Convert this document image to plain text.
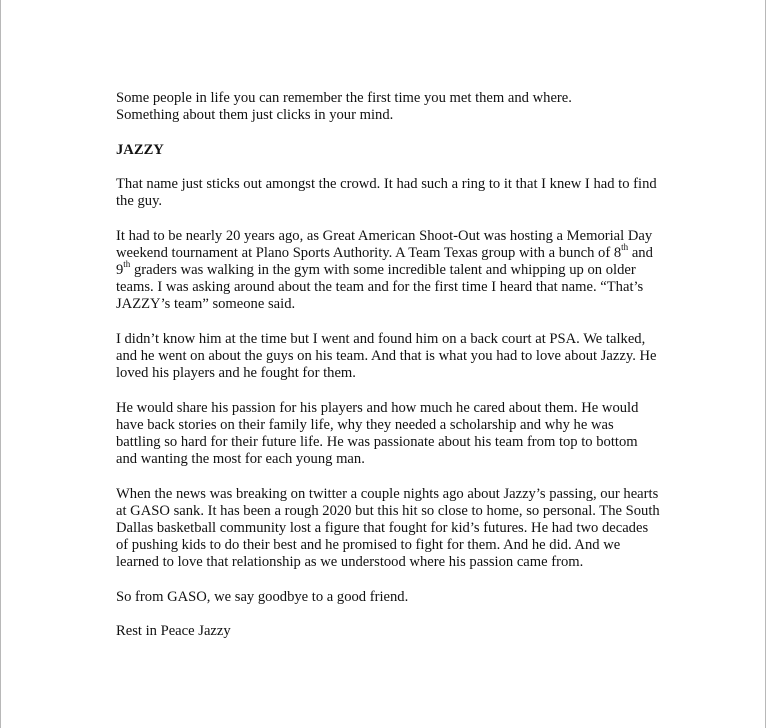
Some people in life you can remember the first time you met them and where.
Something about them just clicks in your mind.

JAZZY

That name just sticks out amongst the crowd. It had such a ring to it that I knew I had to find the guy.

It had to be nearly 20 years ago, as Great American Shoot-Out was hosting a Memorial Day weekend tournament at Plano Sports Authority. A Team Texas group with a bunch of 8th and 9th graders was walking in the gym with some incredible talent and whipping up on older teams. I was asking around about the team and for the first time I heard that name. “That’s JAZZY’s team” someone said.

I didn’t know him at the time but I went and found him on a back court at PSA. We talked, and he went on about the guys on his team. And that is what you had to love about Jazzy. He loved his players and he fought for them.

He would share his passion for his players and how much he cared about them. He would have back stories on their family life, why they needed a scholarship and why he was battling so hard for their future life. He was passionate about his team from top to bottom and wanting the most for each young man.

When the news was breaking on twitter a couple nights ago about Jazzy’s passing, our hearts at GASO sank. It has been a rough 2020 but this hit so close to home, so personal. The South Dallas basketball community lost a figure that fought for kid’s futures. He had two decades of pushing kids to do their best and he promised to fight for them. And he did. And we learned to love that relationship as we understood where his passion came from.

So from GASO, we say goodbye to a good friend.

Rest in Peace Jazzy
